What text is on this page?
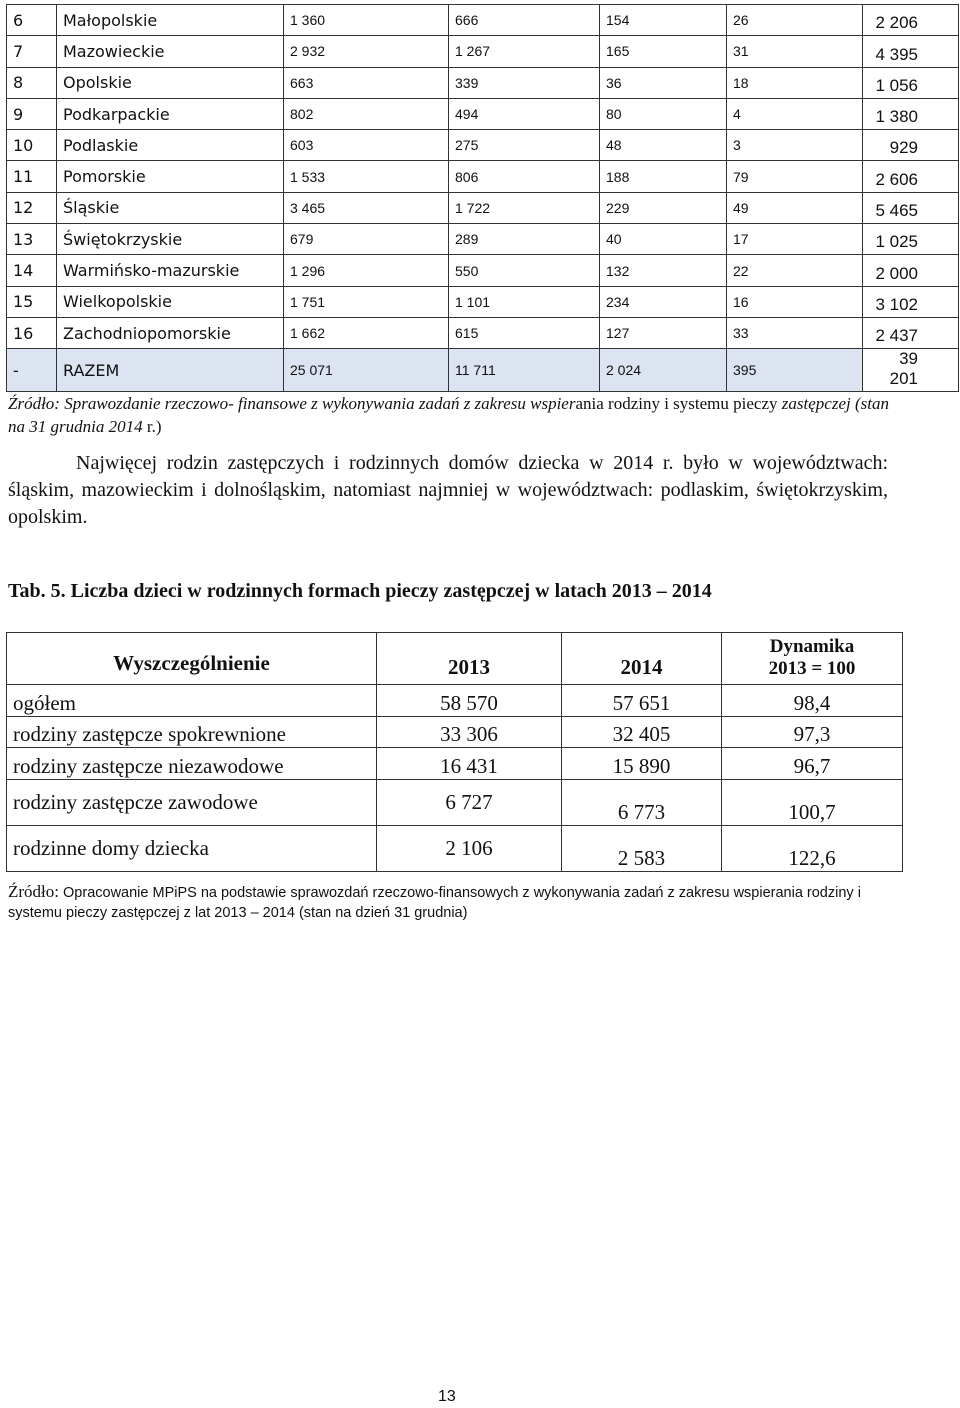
6	Małopolskie	1 360	666	154	26	2 206
7	Mazowieckie	2 932	1 267	165	31	4 395
8	Opolskie	663	339	36	18	1 056
9	Podkarpackie	802	494	80	4	1 380
10	Podlaskie	603	275	48	3	929
11	Pomorskie	1 533	806	188	79	2 606
12	Śląskie	3 465	1 722	229	49	5 465
13	Świętokrzyskie	679	289	40	17	1 025
14	Warmińsko-mazurskie	1 296	550	132	22	2 000
15	Wielkopolskie	1 751	1 101	234	16	3 102
16	Zachodniopomorskie	1 662	615	127	33	2 437
-	RAZEM	25 071	11 711	2 024	395	39 201

Źródło: Sprawozdanie rzeczowo- finansowe z wykonywania zadań z zakresu wspierania rodziny i systemu pieczy zastępczej (stan na 31 grudnia 2014 r.)

Najwięcej rodzin zastępczych i rodzinnych domów dziecka w 2014 r. było w województwach: śląskim, mazowieckim i dolnośląskim, natomiast najmniej w województwach: podlaskim, świętokrzyskim, opolskim.

Tab. 5. Liczba dzieci w rodzinnych formach pieczy zastępczej w latach 2013 – 2014

Wyszczególnienie	2013	2014	Dynamika
2013 = 100
ogółem	58 570	57 651	98,4
rodziny zastępcze spokrewnione	33 306	32 405	97,3
rodziny zastępcze niezawodowe	16 431	15 890	96,7
rodziny zastępcze zawodowe	6 727	6 773	100,7
rodzinne domy dziecka	2 106	2 583	122,6

Źródło: Opracowanie MPiPS na podstawie sprawozdań rzeczowo-finansowych z wykonywania zadań z zakresu wspierania rodziny i systemu pieczy zastępczej z lat 2013 – 2014 (stan na dzień 31 grudnia)

13
